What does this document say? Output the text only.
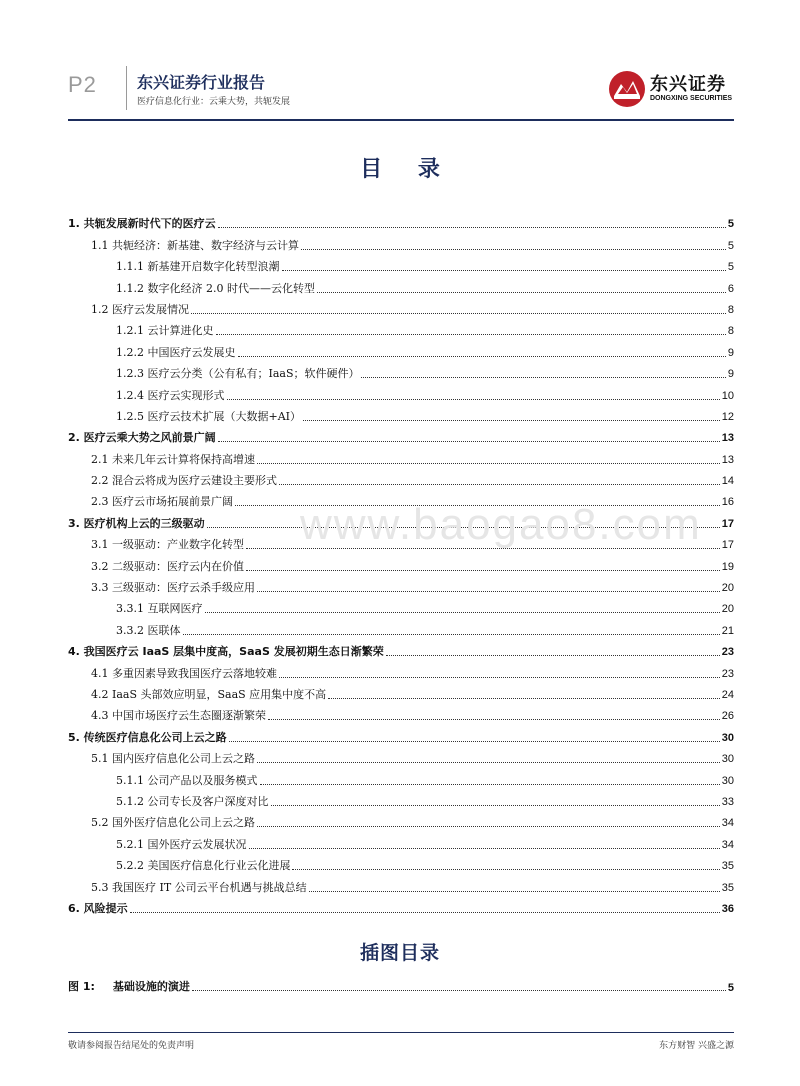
P2	东兴证券行业报告
医疗信息化行业：云乘大势，共轭发展
东兴证券
DONGXING SECURITIES
目 录
1. 共轭发展新时代下的医疗云	5
1.1 共轭经济：新基建、数字经济与云计算	5
1.1.1 新基建开启数字化转型浪潮	5
1.1.2 数字化经济 2.0 时代——云化转型	6
1.2 医疗云发展情况	8
1.2.1 云计算进化史	8
1.2.2 中国医疗云发展史	9
1.2.3 医疗云分类（公有私有；IaaS；软件硬件）	9
1.2.4 医疗云实现形式	10
1.2.5 医疗云技术扩展（大数据+AI）	12
2. 医疗云乘大势之风前景广阔	13
2.1 未来几年云计算将保持高增速	13
2.2 混合云将成为医疗云建设主要形式	14
2.3 医疗云市场拓展前景广阔	16
3. 医疗机构上云的三级驱动	17
3.1 一级驱动：产业数字化转型	17
3.2 二级驱动：医疗云内在价值	19
3.3 三级驱动：医疗云杀手级应用	20
3.3.1 互联网医疗	20
3.3.2 医联体	21
4. 我国医疗云 IaaS 层集中度高，SaaS 发展初期生态日渐繁荣	23
4.1 多重因素导致我国医疗云落地较难	23
4.2 IaaS 头部效应明显，SaaS 应用集中度不高	24
4.3 中国市场医疗云生态圈逐渐繁荣	26
5. 传统医疗信息化公司上云之路	30
5.1 国内医疗信息化公司上云之路	30
5.1.1 公司产品以及服务模式	30
5.1.2 公司专长及客户深度对比	33
5.2 国外医疗信息化公司上云之路	34
5.2.1 国外医疗云发展状况	34
5.2.2 美国医疗信息化行业云化进展	35
5.3 我国医疗 IT 公司云平台机遇与挑战总结	35
6. 风险提示	36
www.baogao8.com
插图目录
图 1: 基础设施的演进	5
敬请参阅报告结尾处的免责声明	东方财智 兴盛之源
